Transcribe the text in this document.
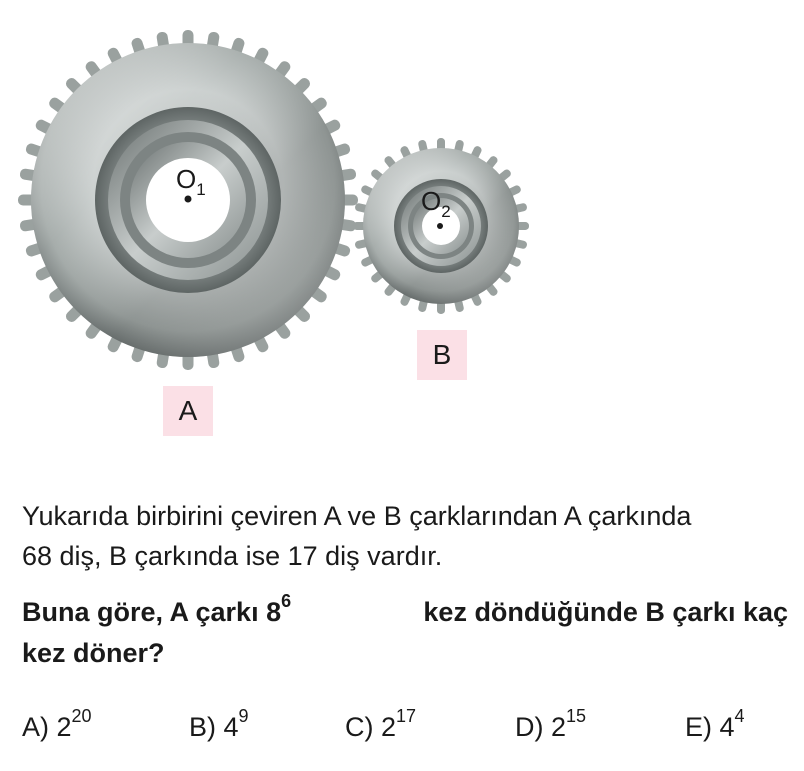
$O_1$	$O_2$
A
B
Yukarıda birbirini çeviren A ve B çarklarından A çarkında
68 diş, B çarkında ise 17 diş vardır.
Buna göre, A çarkı $8^6$	kez döndüğünde B çarkı kaç
kez döner?
A) $2^{20}$	B) $4^9$	C) $2^{17}$	D) $2^{15}$	E) $4^4$
